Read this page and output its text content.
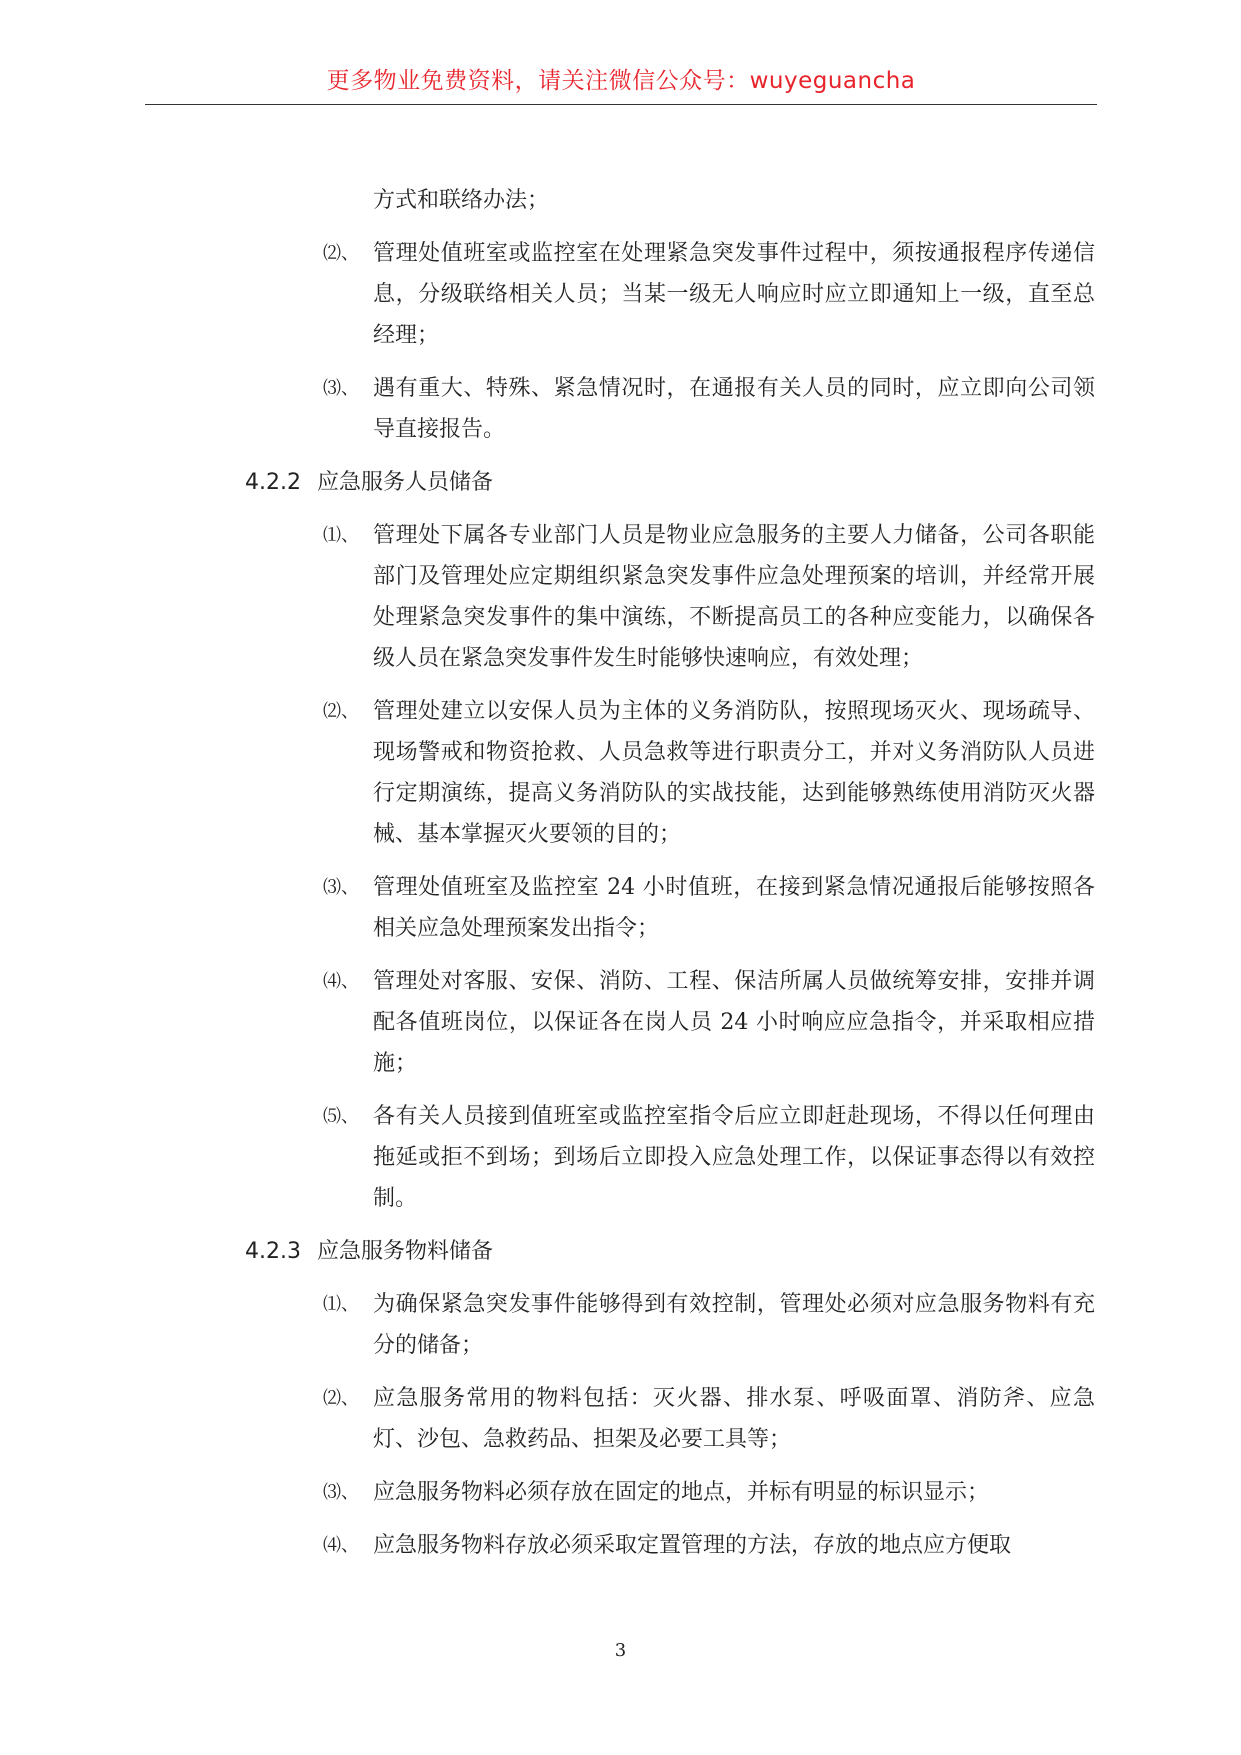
更多物业免费资料，请关注微信公众号：wuyeguancha
方式和联络办法；
⑵、 管理处值班室或监控室在处理紧急突发事件过程中，须按通报程序传递信息，分级联络相关人员；当某一级无人响应时应立即通知上一级，直至总经理；
⑶、 遇有重大、特殊、紧急情况时，在通报有关人员的同时，应立即向公司领导直接报告。
4.2.2 应急服务人员储备
⑴、 管理处下属各专业部门人员是物业应急服务的主要人力储备，公司各职能部门及管理处应定期组织紧急突发事件应急处理预案的培训，并经常开展处理紧急突发事件的集中演练，不断提高员工的各种应变能力，以确保各级人员在紧急突发事件发生时能够快速响应，有效处理；
⑵、 管理处建立以安保人员为主体的义务消防队，按照现场灭火、现场疏导、现场警戒和物资抢救、人员急救等进行职责分工，并对义务消防队人员进行定期演练，提高义务消防队的实战技能，达到能够熟练使用消防灭火器械、基本掌握灭火要领的目的；
⑶、 管理处值班室及监控室 24 小时值班，在接到紧急情况通报后能够按照各相关应急处理预案发出指令；
⑷、 管理处对客服、安保、消防、工程、保洁所属人员做统筹安排，安排并调配各值班岗位，以保证各在岗人员 24 小时响应应急指令，并采取相应措施；
⑸、 各有关人员接到值班室或监控室指令后应立即赶赴现场，不得以任何理由拖延或拒不到场；到场后立即投入应急处理工作，以保证事态得以有效控制。
4.2.3 应急服务物料储备
⑴、 为确保紧急突发事件能够得到有效控制，管理处必须对应急服务物料有充分的储备；
⑵、 应急服务常用的物料包括：灭火器、排水泵、呼吸面罩、消防斧、应急灯、沙包、急救药品、担架及必要工具等；
⑶、 应急服务物料必须存放在固定的地点，并标有明显的标识显示；
⑷、 应急服务物料存放必须采取定置管理的方法，存放的地点应方便取
3
